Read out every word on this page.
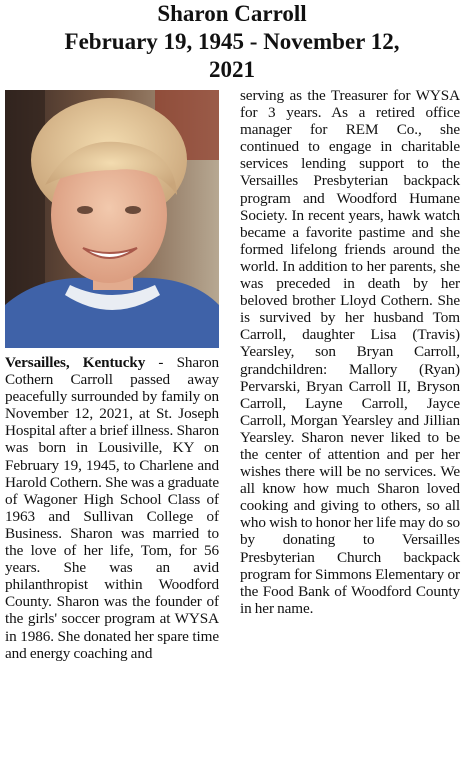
Sharon Carroll
February 19, 1945 - November 12,
2021

Versailles, Kentucky - Sharon Cothern Carroll passed away peacefully surrounded by family on November 12, 2021, at St. Joseph Hospital after a brief illness. Sharon was born in Lousiville, KY on February 19, 1945, to Charlene and Harold Cothern. She was a graduate of Wagoner High School Class of 1963 and Sullivan College of Business. Sharon was married to the love of her life, Tom, for 56 years. She was an avid philanthropist within Woodford County. Sharon was the founder of the girls' soccer program at WYSA in 1986. She donated her spare time and energy coaching and

serving as the Treasurer for WYSA for 3 years. As a retired office manager for REM Co., she continued to engage in charitable services lending support to the Versailles Presbyterian backpack program and Woodford Humane Society. In recent years, hawk watch became a favorite pastime and she formed lifelong friends around the world. In addition to her parents, she was preceded in death by her beloved brother Lloyd Cothern. She is survived by her husband Tom Carroll, daughter Lisa (Travis) Yearsley, son Bryan Carroll, grandchildren: Mallory (Ryan) Pervarski, Bryan Carroll II, Bryson Carroll, Layne Carroll, Jayce Carroll, Morgan Yearsley and Jillian Yearsley. Sharon never liked to be the center of attention and per her wishes there will be no services. We all know how much Sharon loved cooking and giving to others, so all who wish to honor her life may do so by donating to Versailles Presbyterian Church backpack program for Simmons Elementary or the Food Bank of Woodford County in her name.
